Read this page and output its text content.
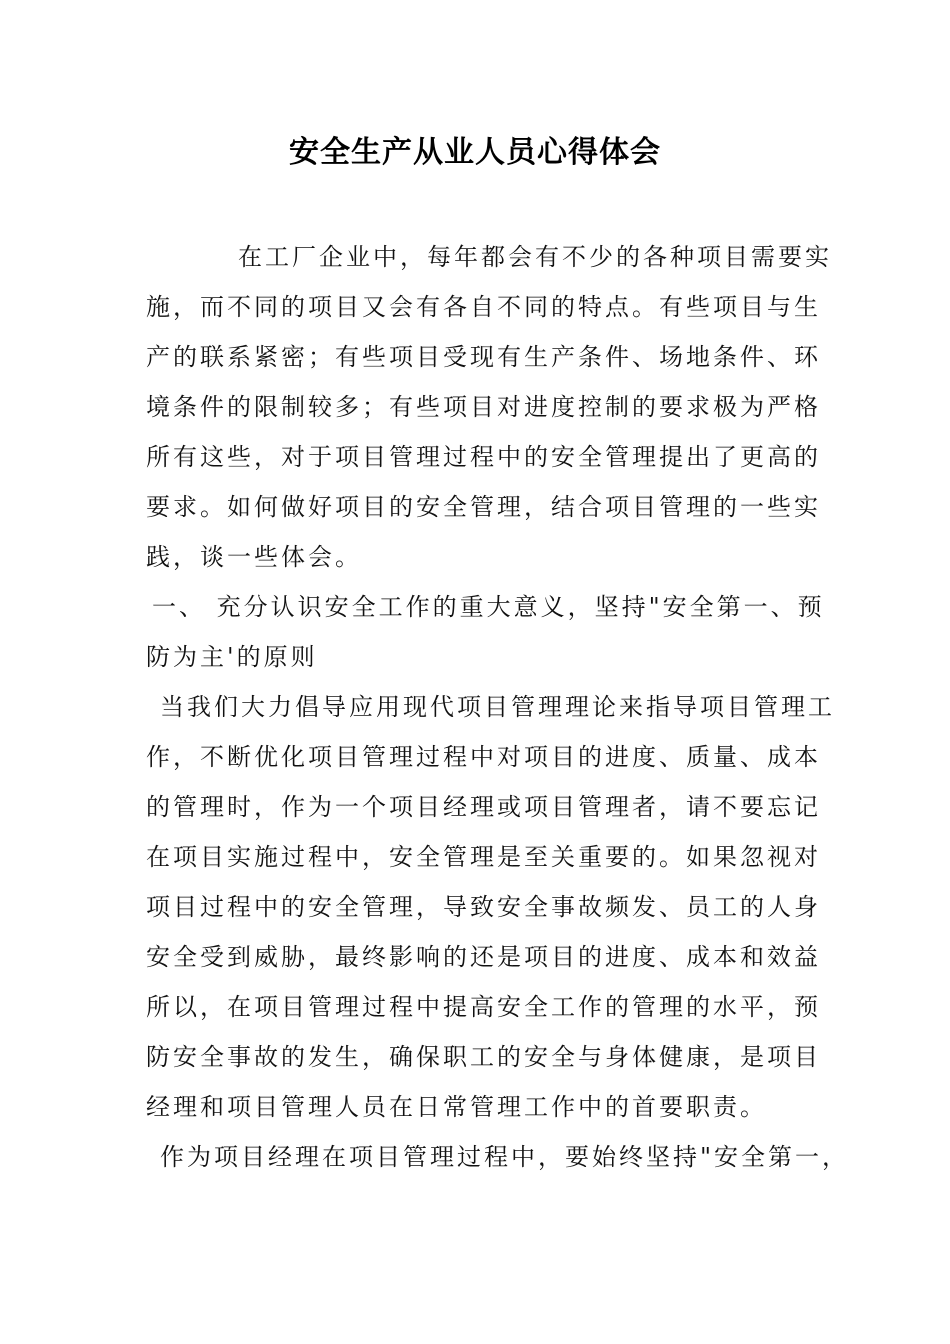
安全生产从业人员心得体会
在工厂企业中，每年都会有不少的各种项目需要实
施，而不同的项目又会有各自不同的特点。有些项目与生
产的联系紧密；有些项目受现有生产条件、场地条件、环
境条件的限制较多；有些项目对进度控制的要求极为严格
所有这些，对于项目管理过程中的安全管理提出了更高的
要求。如何做好项目的安全管理，结合项目管理的一些实
践，谈一些体会。
一、 充分认识安全工作的重大意义，坚持"安全第一、预
防为主'的原则
当我们大力倡导应用现代项目管理理论来指导项目管理工
作，不断优化项目管理过程中对项目的进度、质量、成本
的管理时，作为一个项目经理或项目管理者，请不要忘记
在项目实施过程中，安全管理是至关重要的。如果忽视对
项目过程中的安全管理，导致安全事故频发、员工的人身
安全受到威胁，最终影响的还是项目的进度、成本和效益
所以，在项目管理过程中提高安全工作的管理的水平，预
防安全事故的发生，确保职工的安全与身体健康，是项目
经理和项目管理人员在日常管理工作中的首要职责。
作为项目经理在项目管理过程中，要始终坚持"安全第一，
